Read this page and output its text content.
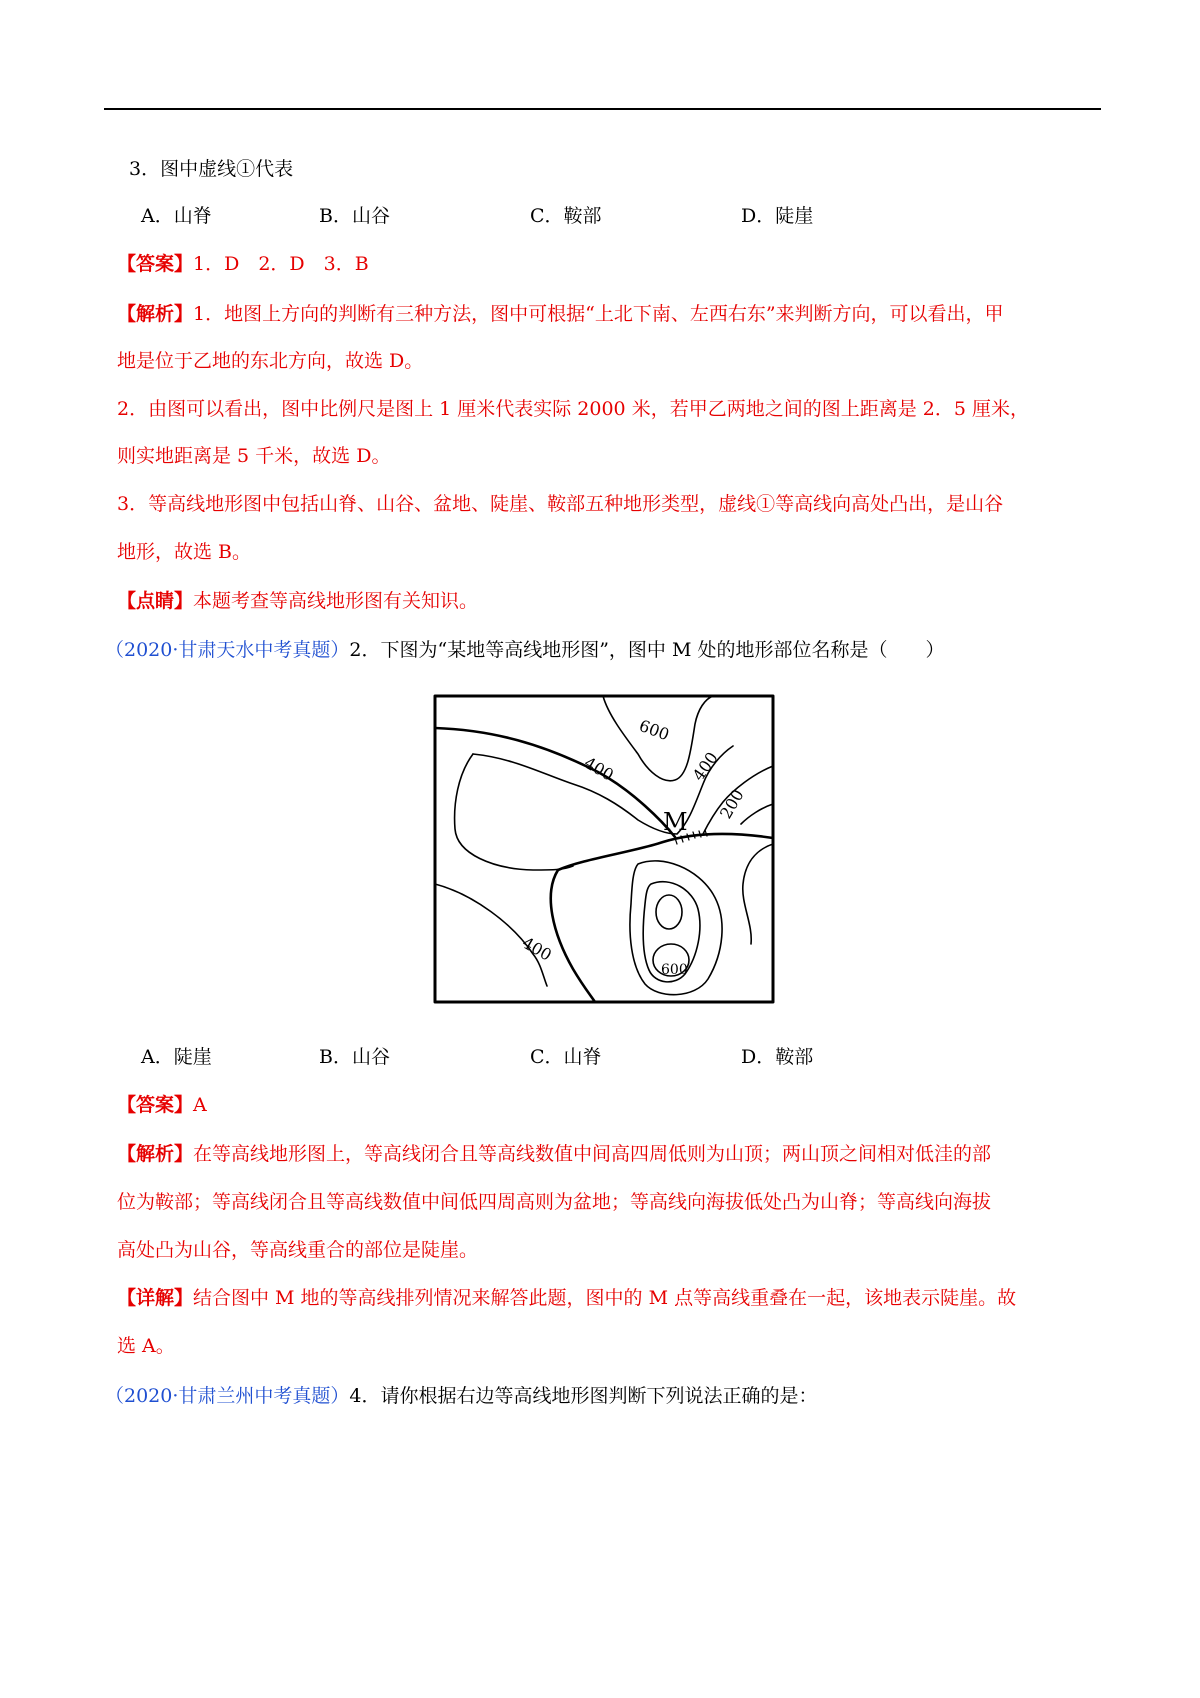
3．图中虚线①代表
A．山脊	B．山谷	C．鞍部	D．陡崖
【答案】1．D　2．D　3．B
【解析】1．地图上方向的判断有三种方法，图中可根据“上北下南、左西右东”来判断方向，可以看出，甲
地是位于乙地的东北方向，故选 D。
2．由图可以看出，图中比例尺是图上 1 厘米代表实际 2000 米，若甲乙两地之间的图上距离是 2．5 厘米，
则实地距离是 5 千米，故选 D。
3．等高线地形图中包括山脊、山谷、盆地、陡崖、鞍部五种地形类型，虚线①等高线向高处凸出，是山谷
地形，故选 B。
【点睛】本题考查等高线地形图有关知识。
（2020·甘肃天水中考真题）2．下图为“某地等高线地形图”，图中 M 处的地形部位名称是（　　）
600
400	400
200
M
400
600
A．陡崖	B．山谷	C．山脊	D．鞍部
【答案】A
【解析】在等高线地形图上，等高线闭合且等高线数值中间高四周低则为山顶；两山顶之间相对低洼的部
位为鞍部；等高线闭合且等高线数值中间低四周高则为盆地；等高线向海拔低处凸为山脊；等高线向海拔
高处凸为山谷，等高线重合的部位是陡崖。
【详解】结合图中 M 地的等高线排列情况来解答此题，图中的 M 点等高线重叠在一起，该地表示陡崖。故
选 A。
（2020·甘肃兰州中考真题）4．请你根据右边等高线地形图判断下列说法正确的是：
